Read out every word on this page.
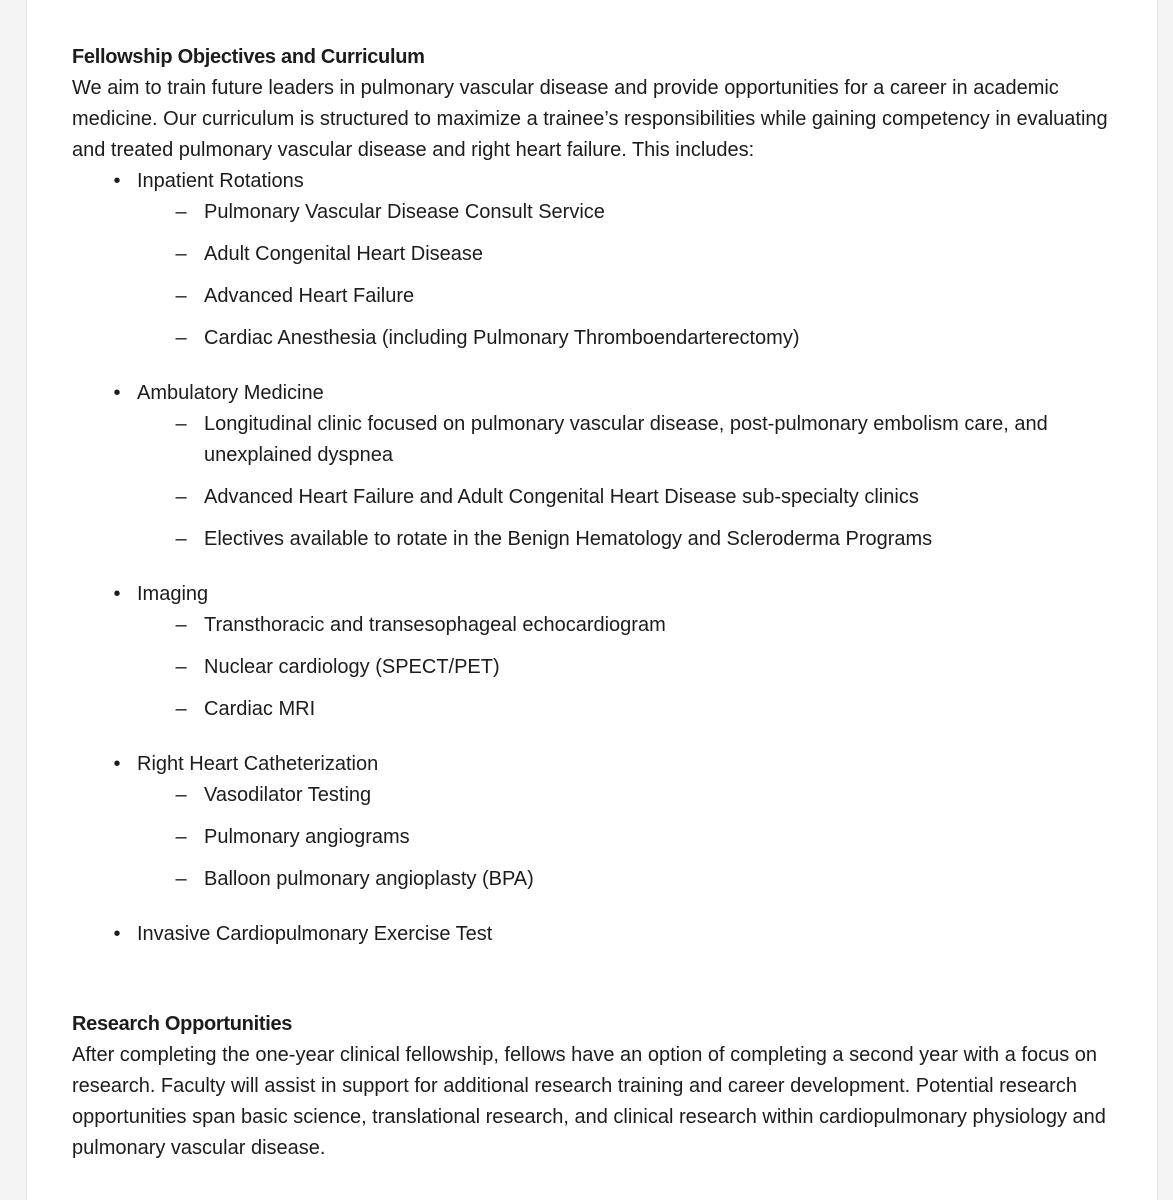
Fellowship Objectives and Curriculum

We aim to train future leaders in pulmonary vascular disease and provide opportunities for a career in academic medicine. Our curriculum is structured to maximize a trainee’s responsibilities while gaining competency in evaluating and treated pulmonary vascular disease and right heart failure. This includes:

• Inpatient Rotations
– Pulmonary Vascular Disease Consult Service
– Adult Congenital Heart Disease
– Advanced Heart Failure
– Cardiac Anesthesia (including Pulmonary Thromboendarterectomy)
• Ambulatory Medicine
– Longitudinal clinic focused on pulmonary vascular disease, post-pulmonary embolism care, and unexplained dyspnea
– Advanced Heart Failure and Adult Congenital Heart Disease sub-specialty clinics
– Electives available to rotate in the Benign Hematology and Scleroderma Programs
• Imaging
– Transthoracic and transesophageal echocardiogram
– Nuclear cardiology (SPECT/PET)
– Cardiac MRI
• Right Heart Catheterization
– Vasodilator Testing
– Pulmonary angiograms
– Balloon pulmonary angioplasty (BPA)
• Invasive Cardiopulmonary Exercise Test
Research Opportunities

After completing the one-year clinical fellowship, fellows have an option of completing a second year with a focus on research. Faculty will assist in support for additional research training and career development. Potential research opportunities span basic science, translational research, and clinical research within cardiopulmonary physiology and pulmonary vascular disease.
